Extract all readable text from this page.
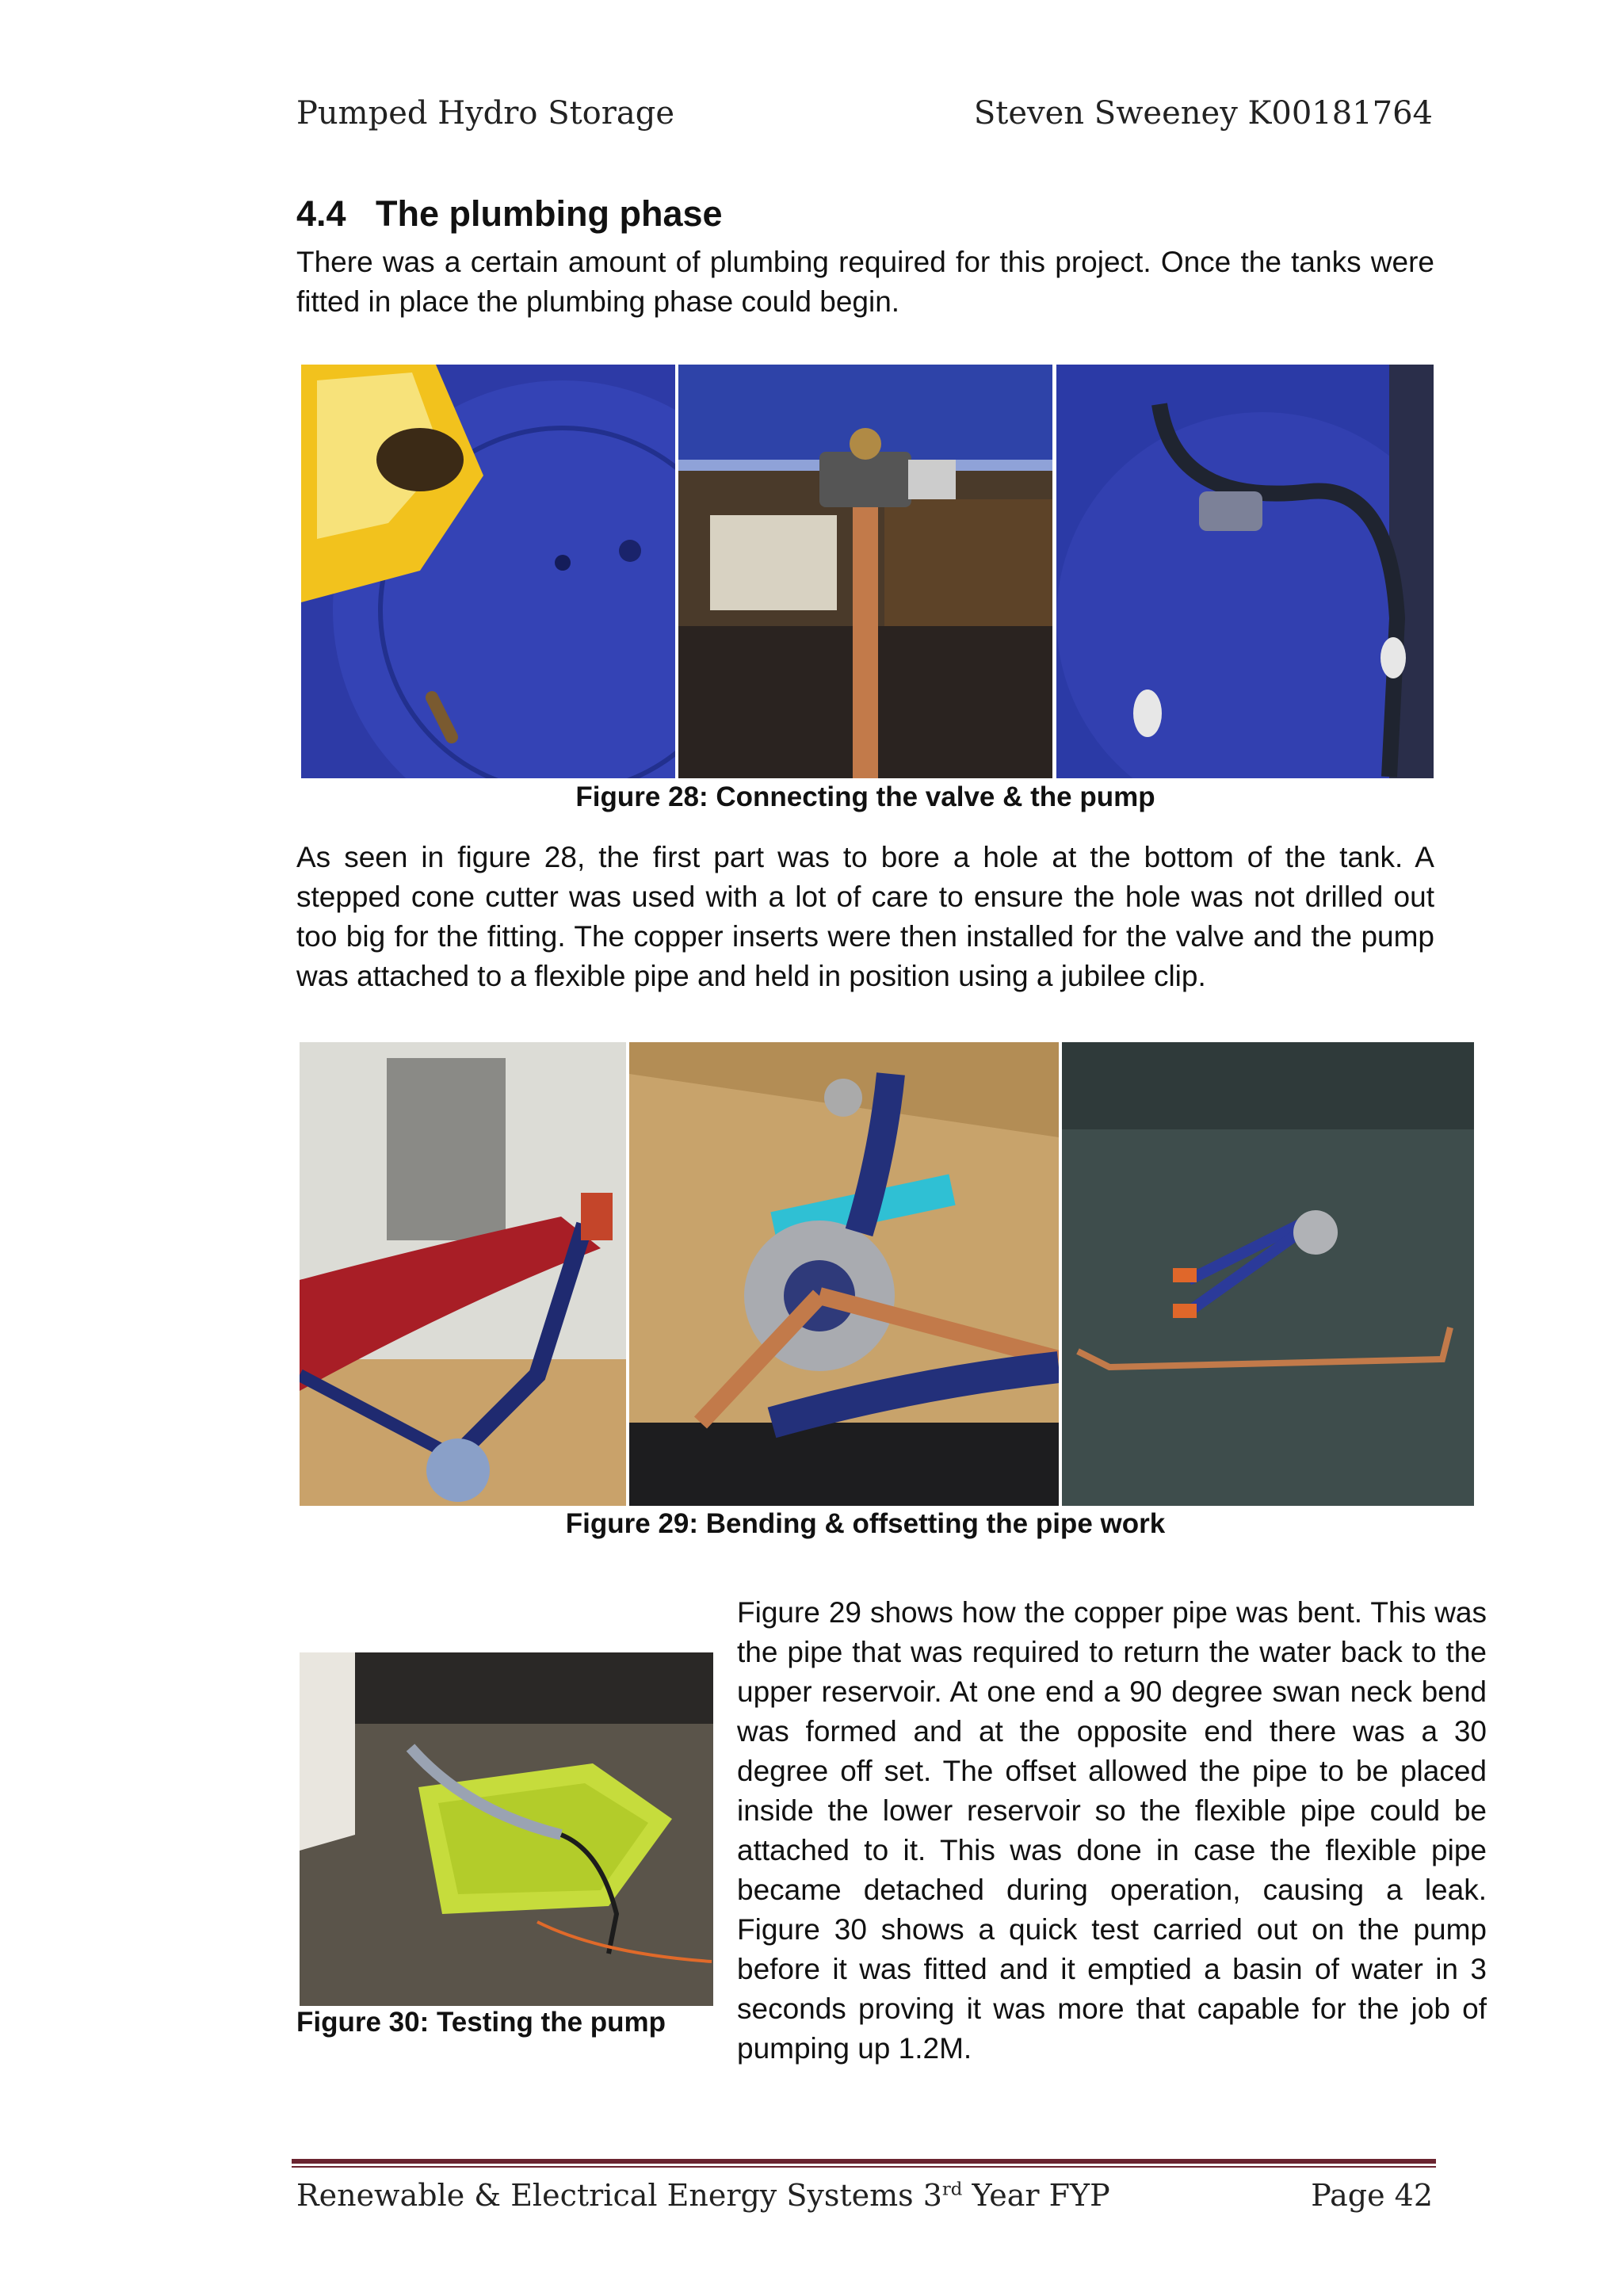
Pumped Hydro Storage	Steven Sweeney K00181764
4.4 The plumbing phase

There was a certain amount of plumbing required for this project. Once the tanks were fitted in place the plumbing phase could begin.

Figure 28: Connecting the valve & the pump

As seen in figure 28, the first part was to bore a hole at the bottom of the tank. A stepped cone cutter was used with a lot of care to ensure the hole was not drilled out too big for the fitting. The copper inserts were then installed for the valve and the pump was attached to a flexible pipe and held in position using a jubilee clip.

Figure 29: Bending & offsetting the pipe work
Figure 30: Testing the pump

Figure 29 shows how the copper pipe was bent. This was the pipe that was required to return the water back to the upper reservoir. At one end a 90 degree swan neck bend was formed and at the opposite end there was a 30 degree off set. The offset allowed the pipe to be placed inside the lower reservoir so the flexible pipe could be attached to it. This was done in case the flexible pipe became detached during operation, causing a leak. Figure 30 shows a quick test carried out on the pump before it was fitted and it emptied a basin of water in 3 seconds proving it was more that capable for the job of pumping up 1.2M.

Renewable & Electrical Energy Systems 3rd Year FYP	Page 42
